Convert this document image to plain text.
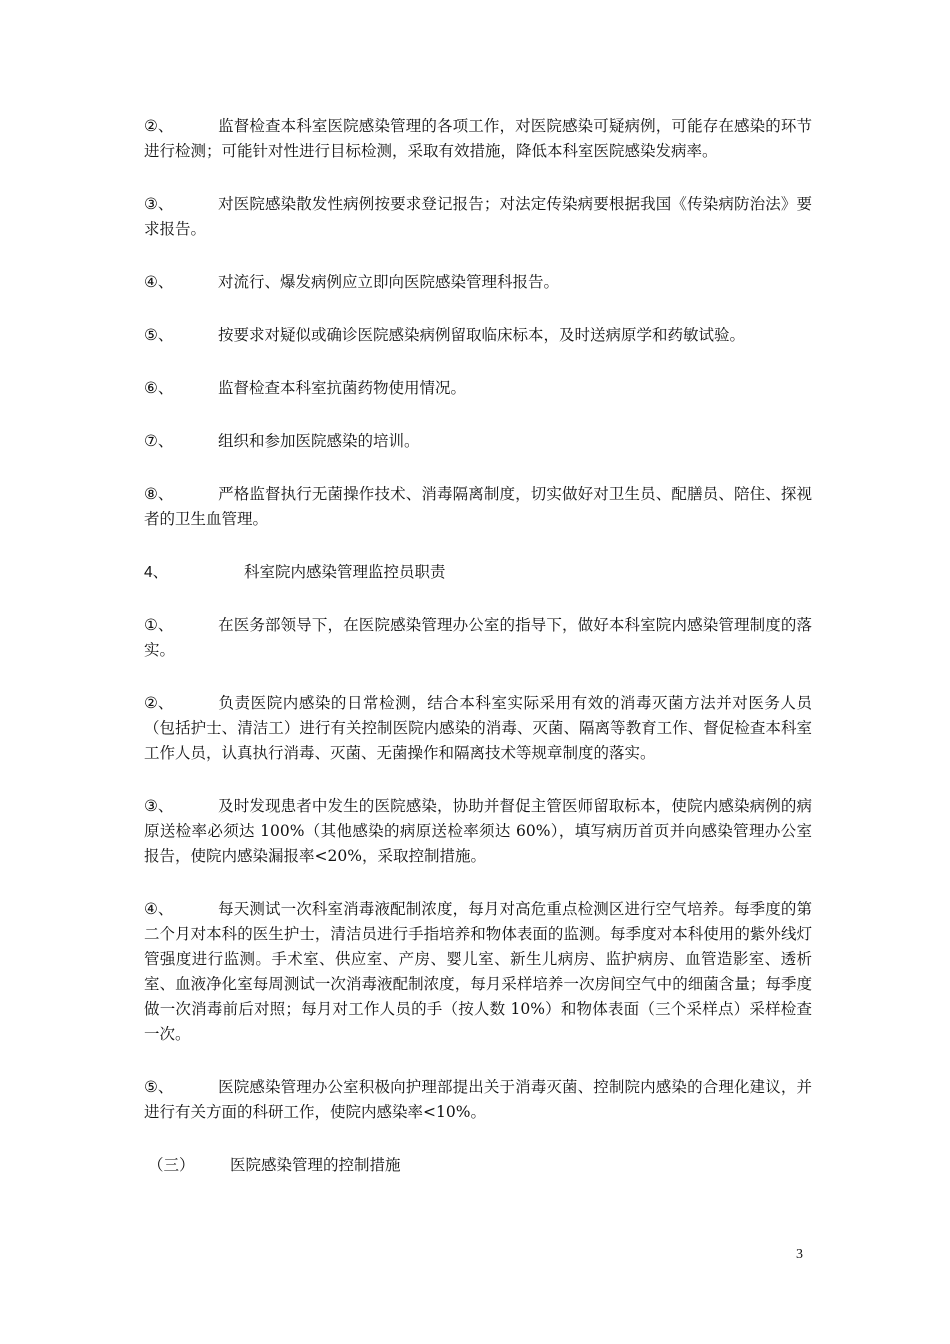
②、	监督检查本科室医院感染管理的各项工作，对医院感染可疑病例，可能存在感染的环节进行检测；可能针对性进行目标检测，采取有效措施，降低本科室医院感染发病率。

③、	对医院感染散发性病例按要求登记报告；对法定传染病要根据我国《传染病防治法》要求报告。

④、	对流行、爆发病例应立即向医院感染管理科报告。

⑤、	按要求对疑似或确诊医院感染病例留取临床标本，及时送病原学和药敏试验。

⑥、	监督检查本科室抗菌药物使用情况。

⑦、	组织和参加医院感染的培训。

⑧、	严格监督执行无菌操作技术、消毒隔离制度，切实做好对卫生员、配膳员、陪住、探视者的卫生血管理。

4、	科室院内感染管理监控员职责

①、	在医务部领导下，在医院感染管理办公室的指导下，做好本科室院内感染管理制度的落实。

②、	负责医院内感染的日常检测，结合本科室实际采用有效的消毒灭菌方法并对医务人员（包括护士、清洁工）进行有关控制医院内感染的消毒、灭菌、隔离等教育工作、督促检查本科室工作人员，认真执行消毒、灭菌、无菌操作和隔离技术等规章制度的落实。

③、	及时发现患者中发生的医院感染，协助并督促主管医师留取标本，使院内感染病例的病原送检率必须达 100%（其他感染的病原送检率须达 60%），填写病历首页并向感染管理办公室报告，使院内感染漏报率<20%，采取控制措施。

④、	每天测试一次科室消毒液配制浓度，每月对高危重点检测区进行空气培养。每季度的第二个月对本科的医生护士，清洁员进行手指培养和物体表面的监测。每季度对本科使用的紫外线灯管强度进行监测。手术室、供应室、产房、婴儿室、新生儿病房、监护病房、血管造影室、透析室、血液净化室每周测试一次消毒液配制浓度，每月采样培养一次房间空气中的细菌含量；每季度做一次消毒前后对照；每月对工作人员的手（按人数 10%）和物体表面（三个采样点）采样检查一次。

⑤、	医院感染管理办公室积极向护理部提出关于消毒灭菌、控制院内感染的合理化建议，并进行有关方面的科研工作，使院内感染率<10%。

（三） 医院感染管理的控制措施

3
